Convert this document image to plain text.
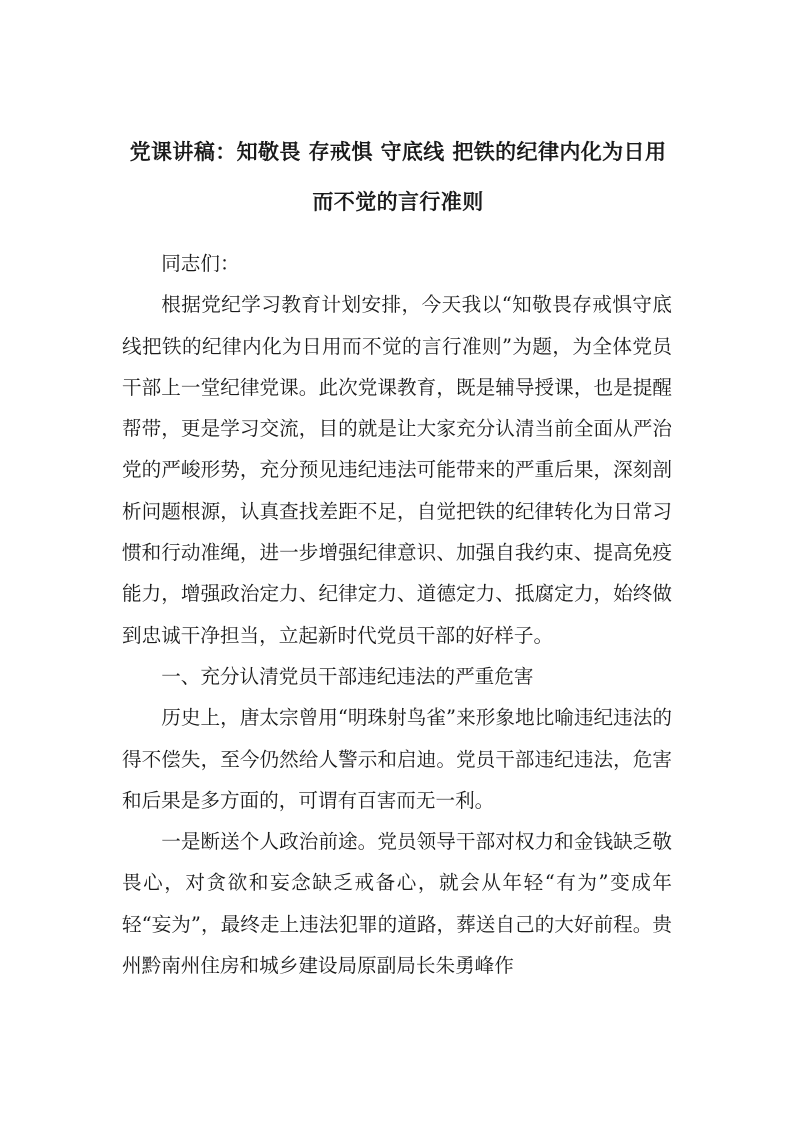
党课讲稿：知敬畏 存戒惧 守底线 把铁的纪律内化为日用
而不觉的言行准则

同志们：

根据党纪学习教育计划安排，今天我以“知敬畏存戒惧守底线把铁的纪律内化为日用而不觉的言行准则”为题，为全体党员干部上一堂纪律党课。此次党课教育，既是辅导授课，也是提醒帮带，更是学习交流，目的就是让大家充分认清当前全面从严治党的严峻形势，充分预见违纪违法可能带来的严重后果，深刻剖析问题根源，认真查找差距不足，自觉把铁的纪律转化为日常习惯和行动准绳，进一步增强纪律意识、加强自我约束、提高免疫能力，增强政治定力、纪律定力、道德定力、抵腐定力，始终做到忠诚干净担当，立起新时代党员干部的好样子。

一、充分认清党员干部违纪违法的严重危害

历史上，唐太宗曾用“明珠射鸟雀”来形象地比喻违纪违法的得不偿失，至今仍然给人警示和启迪。党员干部违纪违法，危害和后果是多方面的，可谓有百害而无一利。

一是断送个人政治前途。党员领导干部对权力和金钱缺乏敬畏心，对贪欲和妄念缺乏戒备心，就会从年轻“有为”变成年轻“妄为”，最终走上违法犯罪的道路，葬送自己的大好前程。贵州黔南州住房和城乡建设局原副局长朱勇峰作
